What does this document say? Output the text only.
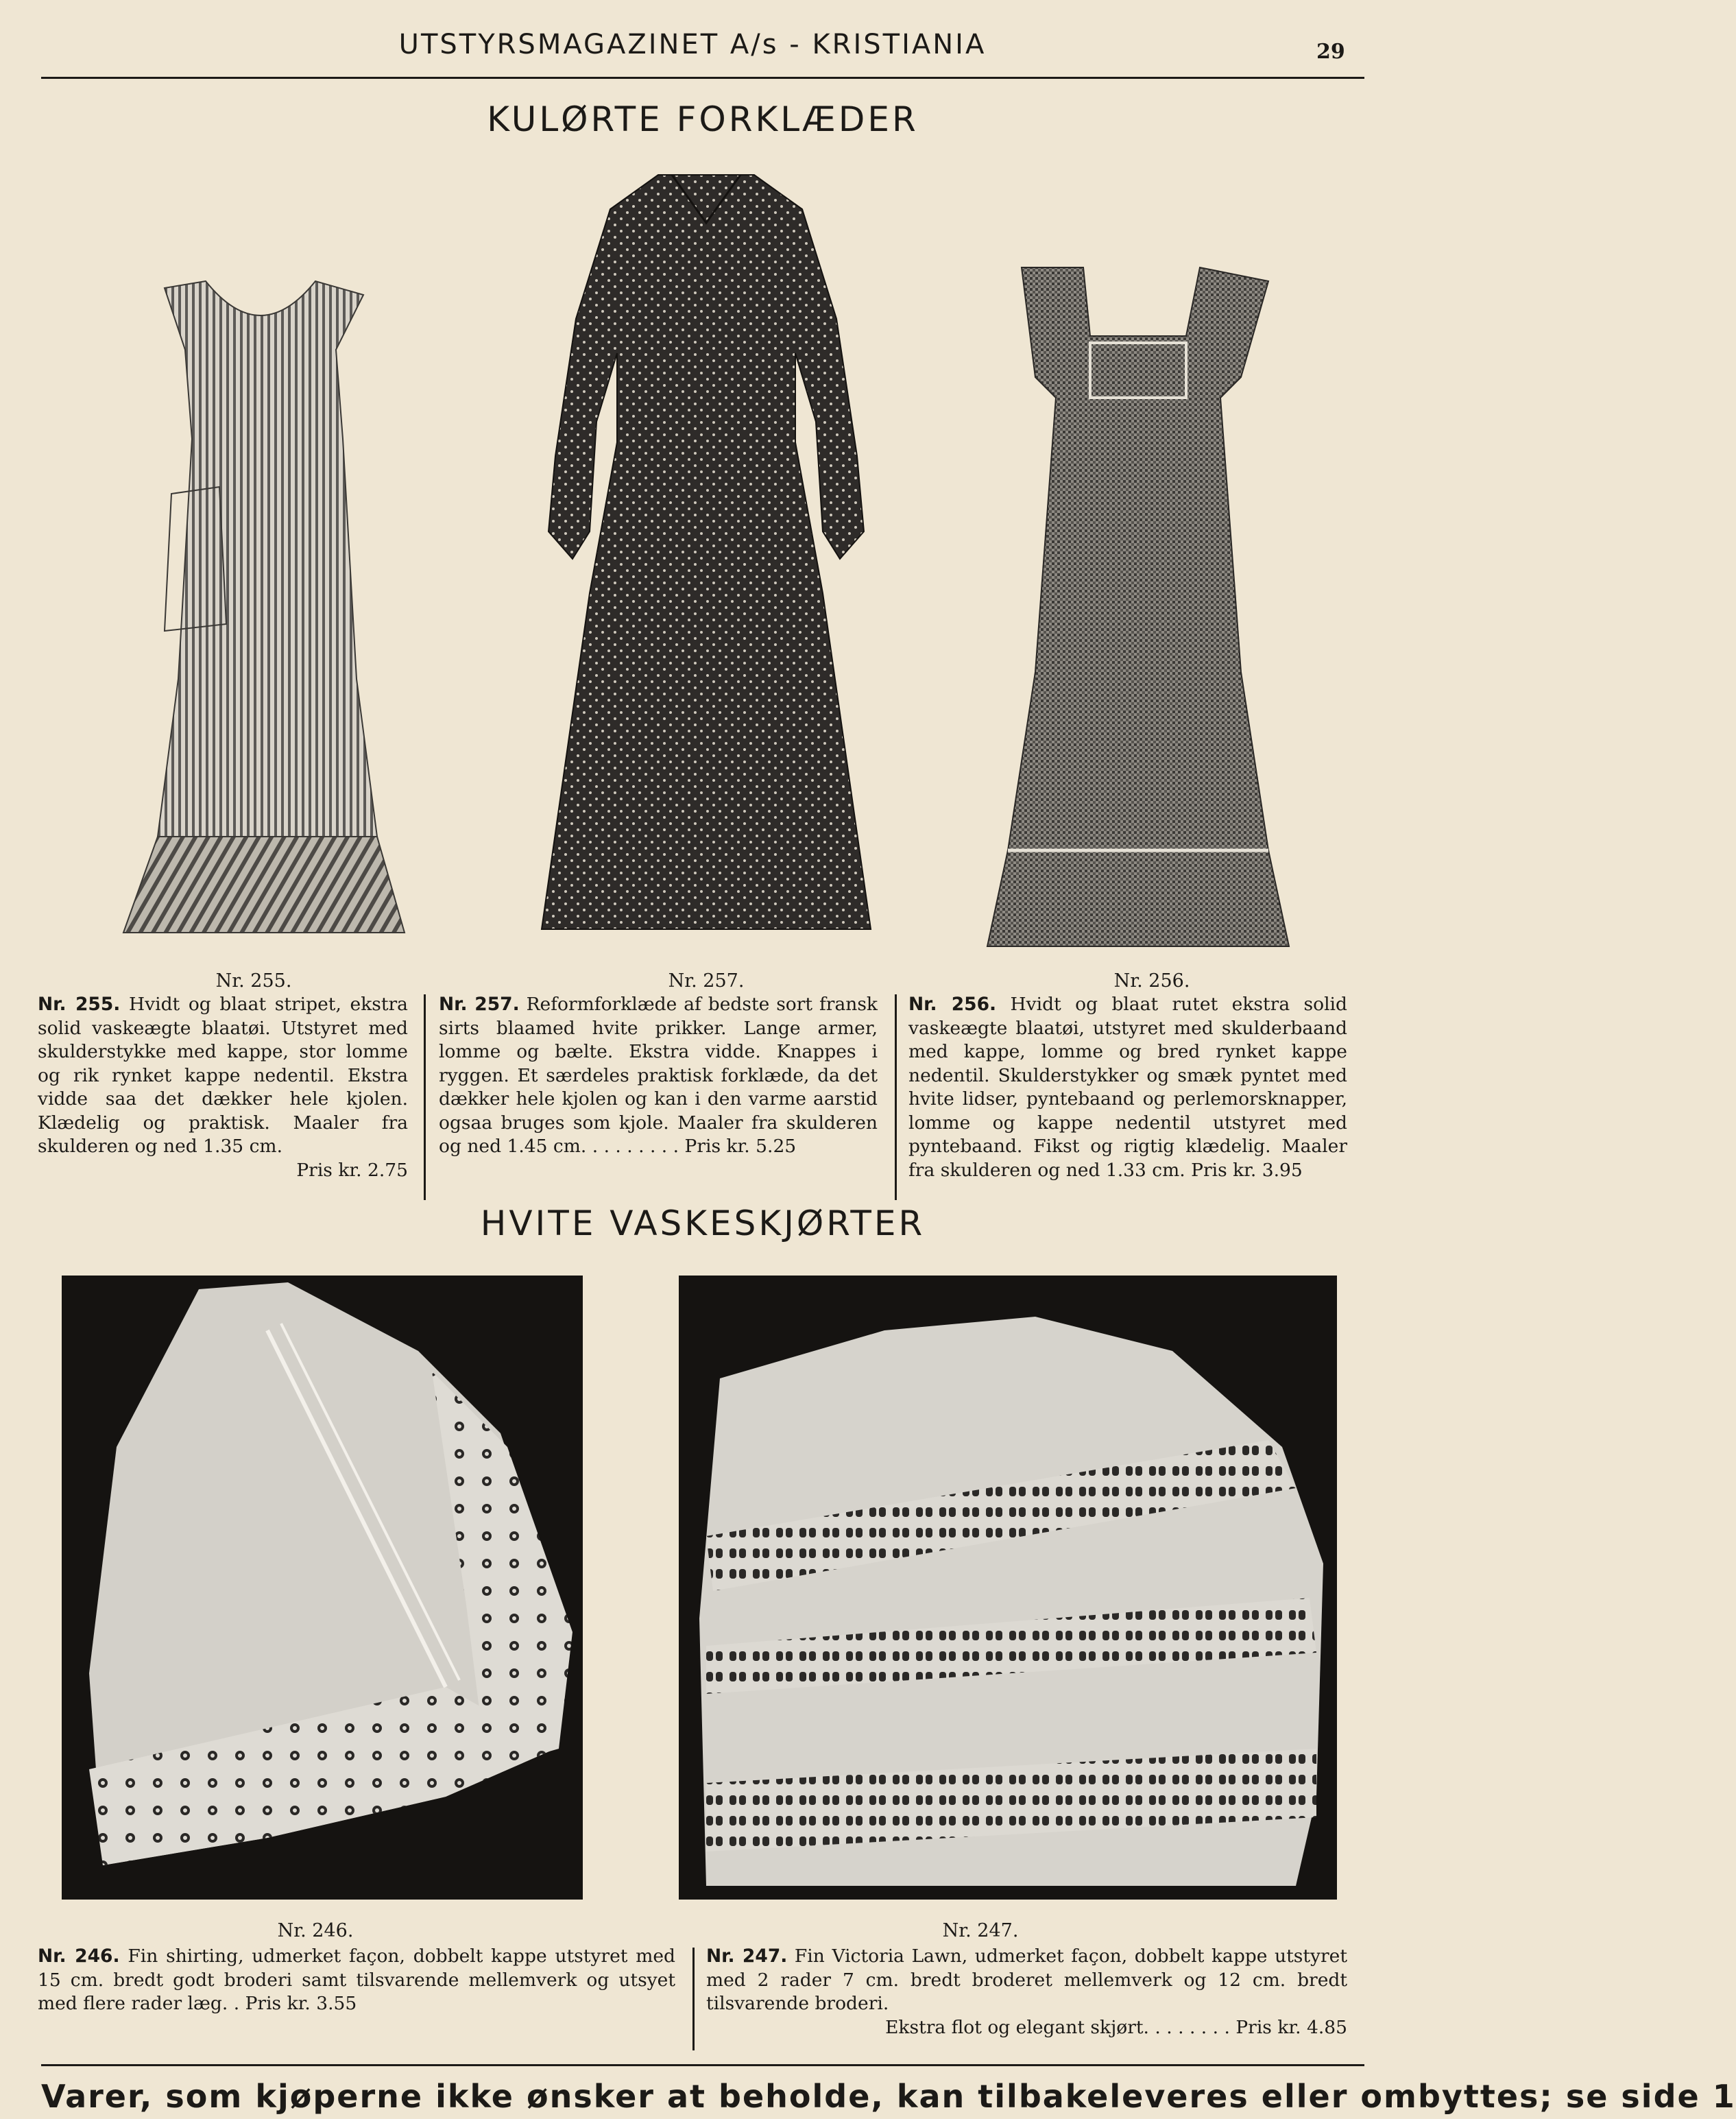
UTSTYRSMAGAZINET A/s - KRISTIANIA	29
KULØRTE FORKLÆDER
Nr. 255.	Nr. 257.	Nr. 256.
Nr. 255. Hvidt og blaat stripet, ekstra solid vaskeægte blaatøi. Utstyret med skulderstykke med kappe, stor lomme og rik rynket kappe nedentil. Ekstra vidde saa det dækker hele kjolen. Klædelig og praktisk. Maaler fra skulderen og ned 1.35 cm.
Pris kr. 2.75
Nr. 257. Reformforklæde af bedste sort fransk sirts blaamed hvite prikker. Lange armer, lomme og bælte. Ekstra vidde. Knappes i ryggen. Et særdeles praktisk forklæde, da det dækker hele kjolen og kan i den varme aarstid ogsaa bruges som kjole. Maaler fra skulderen og ned 1.45 cm. . . . . . . . . Pris kr. 5.25
Nr. 256. Hvidt og blaat rutet ekstra solid vaskeægte blaatøi, utstyret med skulderbaand med kappe, lomme og bred rynket kappe nedentil. Skulderstykker og smæk pyntet med hvite lidser, pyntebaand og perlemorsknapper, lomme og kappe nedentil utstyret med pyntebaand. Fikst og rigtig klædelig. Maaler fra skulderen og ned 1.33 cm. Pris kr. 3.95
HVITE VASKESKJØRTER
Nr. 246.	Nr. 247.
Nr. 246. Fin shirting, udmerket façon, dobbelt kappe utstyret med 15 cm. bredt godt broderi samt tilsvarende mellemverk og utsyet med flere rader læg. . Pris kr. 3.55
Nr. 247. Fin Victoria Lawn, udmerket façon, dobbelt kappe utstyret med 2 rader 7 cm. bredt broderet mellemverk og 12 cm. bredt tilsvarende broderi.
Ekstra flot og elegant skjørt. . . . . . . . Pris kr. 4.85
Varer, som kjøperne ikke ønsker at beholde, kan tilbakeleveres eller ombyttes; se side 1
